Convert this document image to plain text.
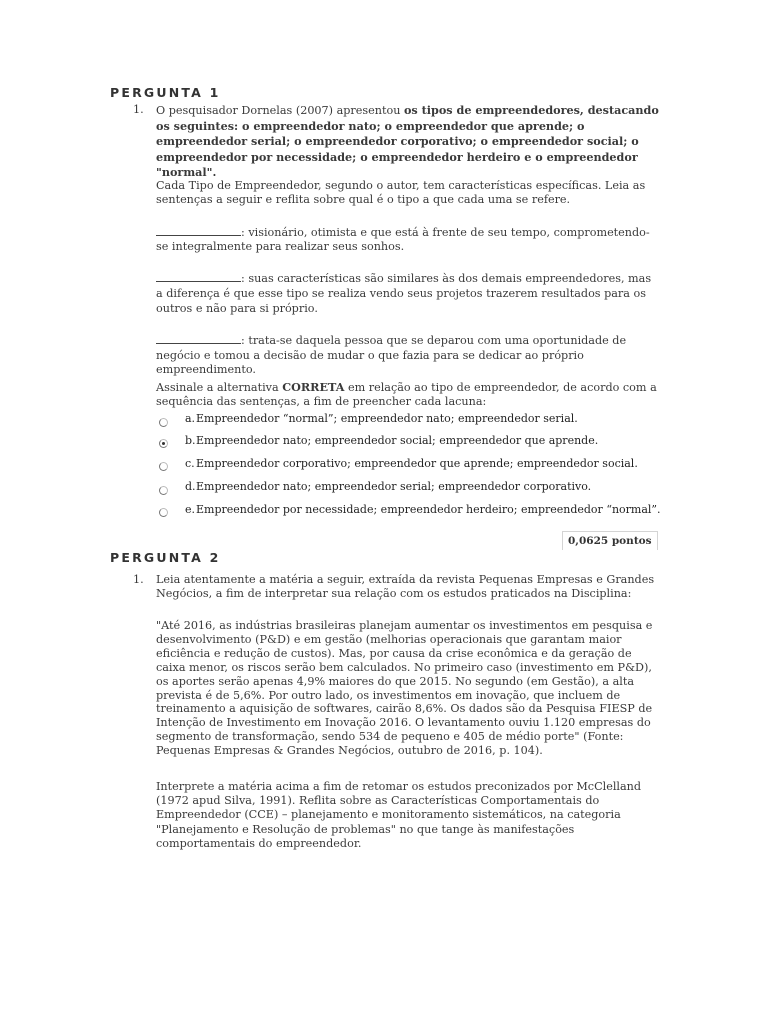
PERGUNTA 1
1. O pesquisador Dornelas (2007) apresentou os tipos de empreendedores, destacando os seguintes: o empreendedor nato; o empreendedor que aprende; o empreendedor serial; o empreendedor corporativo; o empreendedor social; o empreendedor por necessidade; o empreendedor herdeiro e o empreendedor "normal".
Cada Tipo de Empreendedor, segundo o autor, tem características específicas. Leia as sentenças a seguir e reflita sobre qual é o tipo a que cada uma se refere.
: visionário, otimista e que está à frente de seu tempo, comprometendo-se integralmente para realizar seus sonhos.
: suas características são similares às dos demais empreendedores, mas a diferença é que esse tipo se realiza vendo seus projetos trazerem resultados para os outros e não para si próprio.
: trata-se daquela pessoa que se deparou com uma oportunidade de negócio e tomou a decisão de mudar o que fazia para se dedicar ao próprio empreendimento.
Assinale a alternativa CORRETA em relação ao tipo de empreendedor, de acordo com a sequência das sentenças, a fim de preencher cada lacuna:
a.Empreendedor “normal”; empreendedor nato; empreendedor serial.
b.Empreendedor nato; empreendedor social; empreendedor que aprende.
c.Empreendedor corporativo; empreendedor que aprende; empreendedor social.
d.Empreendedor nato; empreendedor serial; empreendedor corporativo.
e.Empreendedor por necessidade; empreendedor herdeiro; empreendedor “normal”.
0,0625 pontos
PERGUNTA 2
1. Leia atentamente a matéria a seguir, extraída da revista Pequenas Empresas e Grandes Negócios, a fim de interpretar sua relação com os estudos praticados na Disciplina:
"Até 2016, as indústrias brasileiras planejam aumentar os investimentos em pesquisa e desenvolvimento (P&D) e em gestão (melhorias operacionais que garantam maior eficiência e redução de custos). Mas, por causa da crise econômica e da geração de caixa menor, os riscos serão bem calculados. No primeiro caso (investimento em P&D), os aportes serão apenas 4,9% maiores do que 2015. No segundo (em Gestão), a alta prevista é de 5,6%. Por outro lado, os investimentos em inovação, que incluem de treinamento a aquisição de softwares, cairão 8,6%. Os dados são da Pesquisa FIESP de Intenção de Investimento em Inovação 2016. O levantamento ouviu 1.120 empresas do segmento de transformação, sendo 534 de pequeno e 405 de médio porte" (Fonte: Pequenas Empresas & Grandes Negócios, outubro de 2016, p. 104).
Interprete a matéria acima a fim de retomar os estudos preconizados por McClelland (1972 apud Silva, 1991). Reflita sobre as Características Comportamentais do Empreendedor (CCE) – planejamento e monitoramento sistemáticos, na categoria "Planejamento e Resolução de problemas" no que tange às manifestações comportamentais do empreendedor.
